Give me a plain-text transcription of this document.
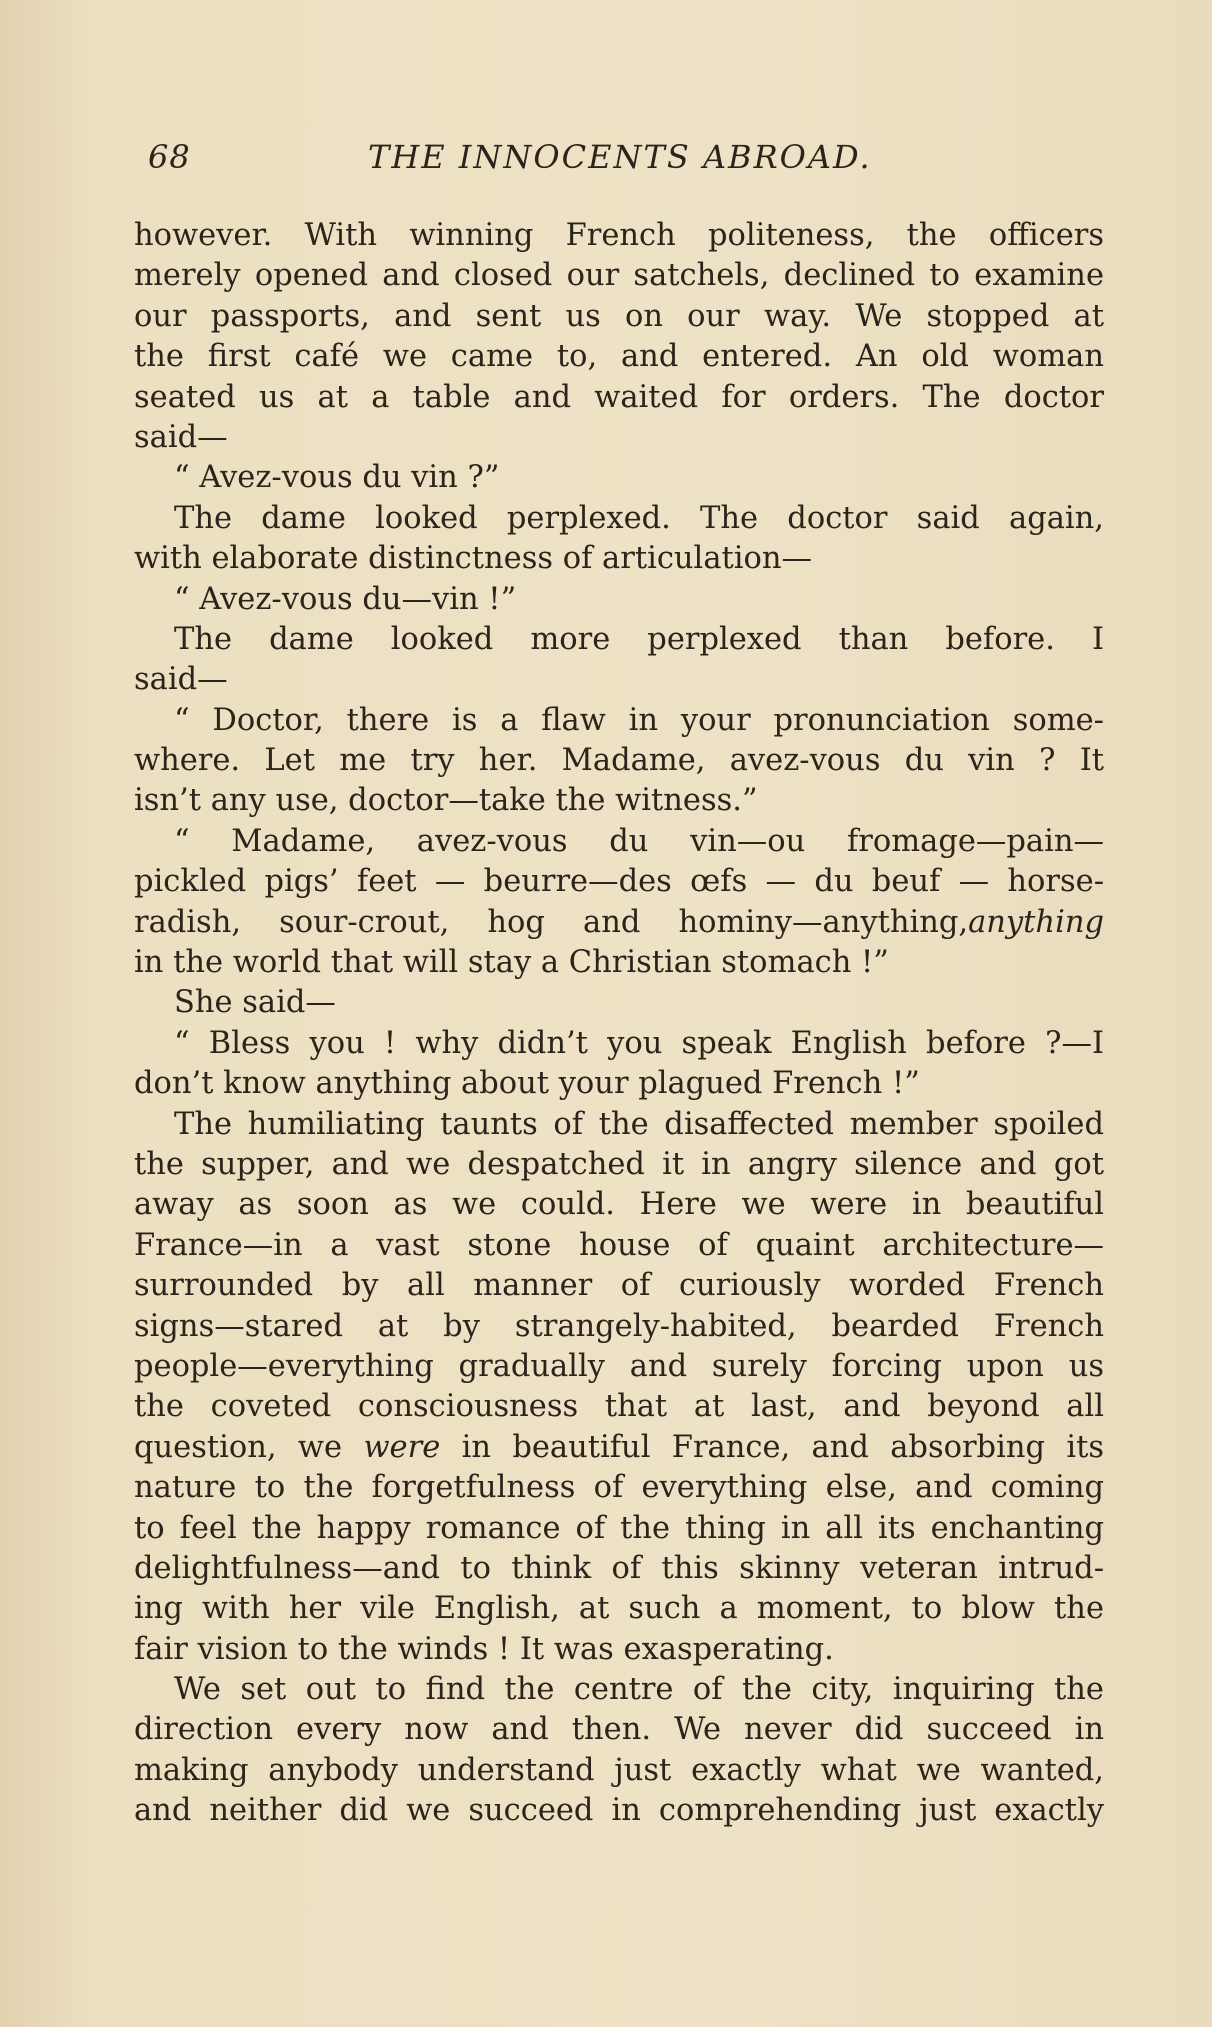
68	THE INNOCENTS ABROAD.
however. With winning French politeness, the officers
merely opened and closed our satchels, declined to examine
our passports, and sent us on our way. We stopped at
the first café we came to, and entered. An old woman
seated us at a table and waited for orders. The doctor
said—
“ Avez-vous du vin ?”
The dame looked perplexed. The doctor said again,
with elaborate distinctness of articulation—
“ Avez-vous du—vin !”
The dame looked more perplexed than before. I
said—
“ Doctor, there is a flaw in your pronunciation some-
where. Let me try her. Madame, avez-vous du vin ? It
isn’t any use, doctor—take the witness.”
“ Madame, avez-vous du vin—ou fromage—pain—
pickled pigs’ feet — beurre—des œfs — du beuf — horse-
radish, sour-crout, hog and hominy—anything,anything
in the world that will stay a Christian stomach !”
She said—
“ Bless you ! why didn’t you speak English before ?—I
don’t know anything about your plagued French !”
The humiliating taunts of the disaffected member spoiled
the supper, and we despatched it in angry silence and got
away as soon as we could. Here we were in beautiful
France—in a vast stone house of quaint architecture—
surrounded by all manner of curiously worded French
signs—stared at by strangely-habited, bearded French
people—everything gradually and surely forcing upon us
the coveted consciousness that at last, and beyond all
question, we were in beautiful France, and absorbing its
nature to the forgetfulness of everything else, and coming
to feel the happy romance of the thing in all its enchanting
delightfulness—and to think of this skinny veteran intrud-
ing with her vile English, at such a moment, to blow the
fair vision to the winds ! It was exasperating.
We set out to find the centre of the city, inquiring the
direction every now and then. We never did succeed in
making anybody understand just exactly what we wanted,
and neither did we succeed in comprehending just exactly
